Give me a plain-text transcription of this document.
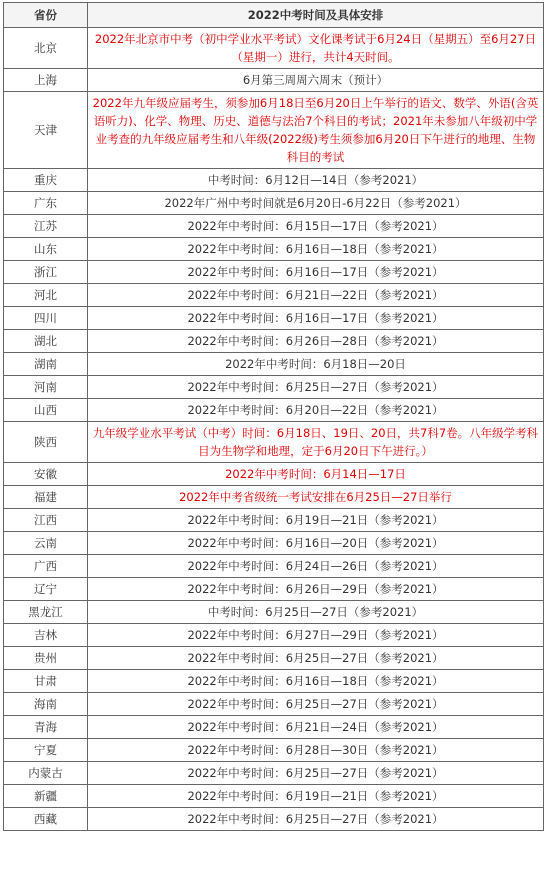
省份	2022中考时间及具体安排
北京	2022年北京市中考（初中学业水平考试）文化课考试于6月24日（星期五）至6月27日（星期一）进行，共计4天时间。
上海	6月第三周周六周末（预计）
天津	2022年九年级应届考生，须参加6月18日至6月20日上午举行的语文、数学、外语(含英语听力)、化学、物理、历史、道德与法治7个科目的考试；2021年未参加八年级初中学业考查的九年级应届考生和八年级(2022级)考生须参加6月20日下午进行的地理、生物科目的考试
重庆	中考时间：6月12日—14日（参考2021）
广东	2022年广州中考时间就是6月20日-6月22日（参考2021）
江苏	2022年中考时间：6月15日—17日（参考2021）
山东	2022年中考时间：6月16日—18日（参考2021）
浙江	2022年中考时间：6月16日—17日（参考2021）
河北	2022年中考时间：6月21日—22日（参考2021）
四川	2022年中考时间：6月16日—17日（参考2021）
湖北	2022年中考时间：6月26日—28日（参考2021）
湖南	2022年中考时间：6月18日—20日
河南	2022年中考时间：6月25日—27日（参考2021）
山西	2022年中考时间：6月20日—22日（参考2021）
陕西	九年级学业水平考试（中考）时间：6月18日、19日、20日，共7科7卷。八年级学考科目为生物学和地理，定于6月20日下午进行。）
安徽	2022年中考时间：6月14日—17日
福建	2022年中考省级统一考试安排在6月25日—27日举行
江西	2022年中考时间：6月19日—21日（参考2021）
云南	2022年中考时间：6月16日—20日（参考2021）
广西	2022年中考时间：6月24日—26日（参考2021）
辽宁	2022年中考时间：6月26日—29日（参考2021）
黑龙江	中考时间：6月25日—27日（参考2021）
吉林	2022年中考时间：6月27日—29日（参考2021）
贵州	2022年中考时间：6月25日—27日（参考2021）
甘肃	2022年中考时间：6月16日—18日（参考2021）
海南	2022年中考时间：6月25日—27日（参考2021）
青海	2022年中考时间：6月21日—24日（参考2021）
宁夏	2022年中考时间：6月28日—30日（参考2021）
内蒙古	2022年中考时间：6月25日—27日（参考2021）
新疆	2022年中考时间：6月19日—21日（参考2021）
西藏	2022年中考时间：6月25日—27日（参考2021）
